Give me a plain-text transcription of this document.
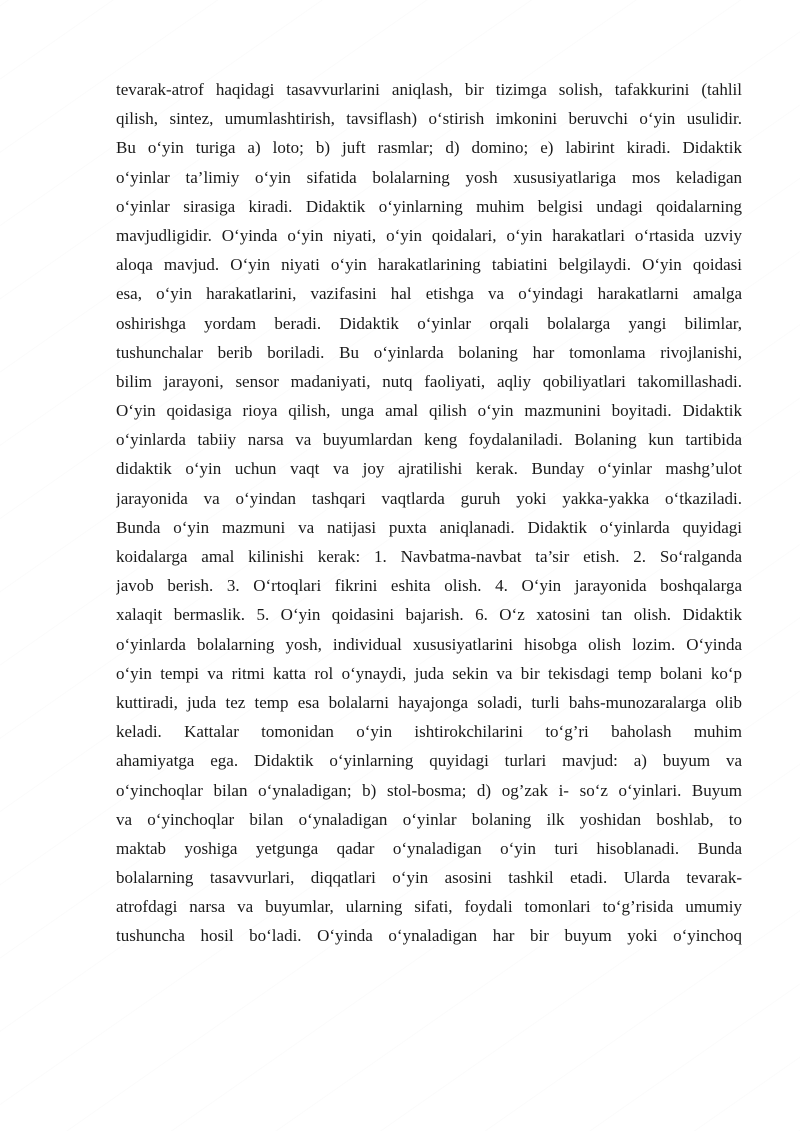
tevarak-atrof haqidagi tasavvurlarini aniqlash, bir tizimga solish, tafakkurini (tahlil
qilish, sintez, umumlashtirish, tavsiflash) o‘stirish imkonini beruvchi o‘yin usulidir.
Bu o‘yin turiga a) loto; b) juft rasmlar; d) domino; e) labirint kiradi. Didaktik
o‘yinlar ta’limiy o‘yin sifatida bolalarning yosh xususiyatlariga mos keladigan
o‘yinlar sirasiga kiradi. Didaktik o‘yinlarning muhim belgisi undagi qoidalarning
mavjudligidir. O‘yinda o‘yin niyati, o‘yin qoidalari, o‘yin harakatlari o‘rtasida uzviy
aloqa mavjud. O‘yin niyati o‘yin harakatlarining tabiatini belgilaydi. O‘yin qoidasi
esa, o‘yin harakatlarini, vazifasini hal etishga va o‘yindagi harakatlarni amalga
oshirishga yordam beradi. Didaktik o‘yinlar orqali bolalarga yangi bilimlar,
tushunchalar berib boriladi. Bu o‘yinlarda bolaning har tomonlama rivojlanishi,
bilim jarayoni, sensor madaniyati, nutq faoliyati, aqliy qobiliyatlari takomillashadi.
O‘yin qoidasiga rioya qilish, unga amal qilish o‘yin mazmunini boyitadi. Didaktik
o‘yinlarda tabiiy narsa va buyumlardan keng foydalaniladi. Bolaning kun tartibida
didaktik o‘yin uchun vaqt va joy ajratilishi kerak. Bunday o‘yinlar mashg’ulot
jarayonida va o‘yindan tashqari vaqtlarda guruh yoki yakka-yakka o‘tkaziladi.
Bunda o‘yin mazmuni va natijasi puxta aniqlanadi. Didaktik o‘yinlarda quyidagi
koidalarga amal kilinishi kerak: 1. Navbatma-navbat ta’sir etish. 2. So‘ralganda
javob berish. 3. O‘rtoqlari fikrini eshita olish. 4. O‘yin jarayonida boshqalarga
xalaqit bermaslik. 5. O‘yin qoidasini bajarish. 6. O‘z xatosini tan olish. Didaktik
o‘yinlarda bolalarning yosh, individual xususiyatlarini hisobga olish lozim. O‘yinda
o‘yin tempi va ritmi katta rol o‘ynaydi, juda sekin va bir tekisdagi temp bolani ko‘p
kuttiradi, juda tez temp esa bolalarni hayajonga soladi, turli bahs-munozaralarga olib
keladi. Kattalar tomonidan o‘yin ishtirokchilarini to‘g’ri baholash muhim
ahamiyatga ega. Didaktik o‘yinlarning quyidagi turlari mavjud: a) buyum va
o‘yinchoqlar bilan o‘ynaladigan; b) stol-bosma; d) og’zak i- so‘z o‘yinlari. Buyum
va o‘yinchoqlar bilan o‘ynaladigan o‘yinlar bolaning ilk yoshidan boshlab, to
maktab yoshiga yetgunga qadar o‘ynaladigan o‘yin turi hisoblanadi. Bunda
bolalarning tasavvurlari, diqqatlari o‘yin asosini tashkil etadi. Ularda tevarak-
atrofdagi narsa va buyumlar, ularning sifati, foydali tomonlari to‘g’risida umumiy
tushuncha hosil bo‘ladi. O‘yinda o‘ynaladigan har bir buyum yoki o‘yinchoq
